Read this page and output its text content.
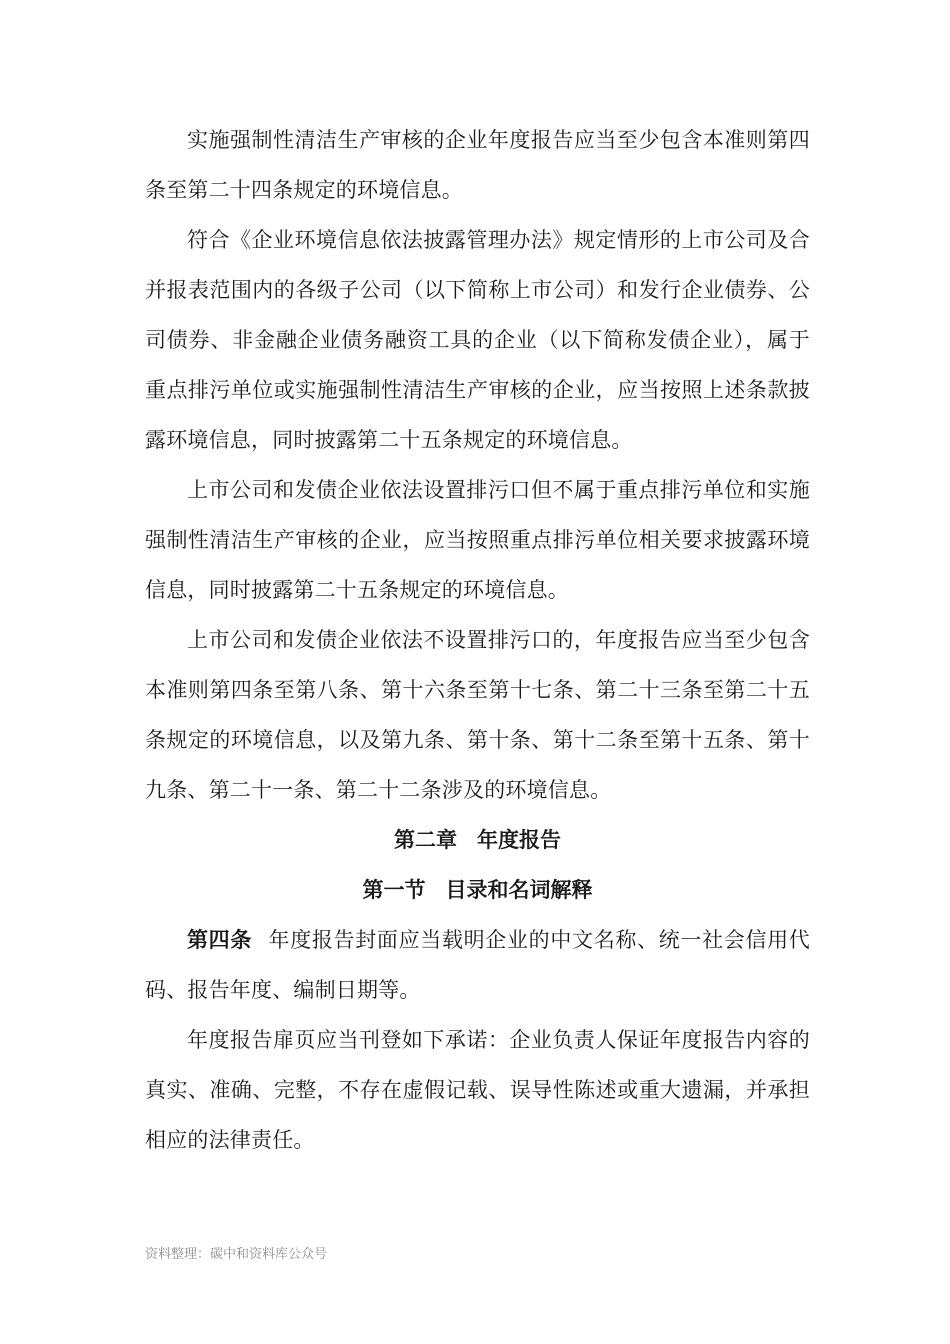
实施强制性清洁生产审核的企业年度报告应当至少包含本准则第四条至第二十四条规定的环境信息。

符合《企业环境信息依法披露管理办法》规定情形的上市公司及合并报表范围内的各级子公司（以下简称上市公司）和发行企业债券、公司债券、非金融企业债务融资工具的企业（以下简称发债企业），属于重点排污单位或实施强制性清洁生产审核的企业，应当按照上述条款披露环境信息，同时披露第二十五条规定的环境信息。

上市公司和发债企业依法设置排污口但不属于重点排污单位和实施强制性清洁生产审核的企业，应当按照重点排污单位相关要求披露环境信息，同时披露第二十五条规定的环境信息。

上市公司和发债企业依法不设置排污口的，年度报告应当至少包含本准则第四条至第八条、第十六条至第十七条、第二十三条至第二十五条规定的环境信息，以及第九条、第十条、第十二条至第十五条、第十九条、第二十一条、第二十二条涉及的环境信息。

第二章 年度报告

第一节 目录和名词解释

第四条 年度报告封面应当载明企业的中文名称、统一社会信用代码、报告年度、编制日期等。

年度报告扉页应当刊登如下承诺：企业负责人保证年度报告内容的真实、准确、完整，不存在虚假记载、误导性陈述或重大遗漏，并承担相应的法律责任。

资料整理：碳中和资料库公众号
